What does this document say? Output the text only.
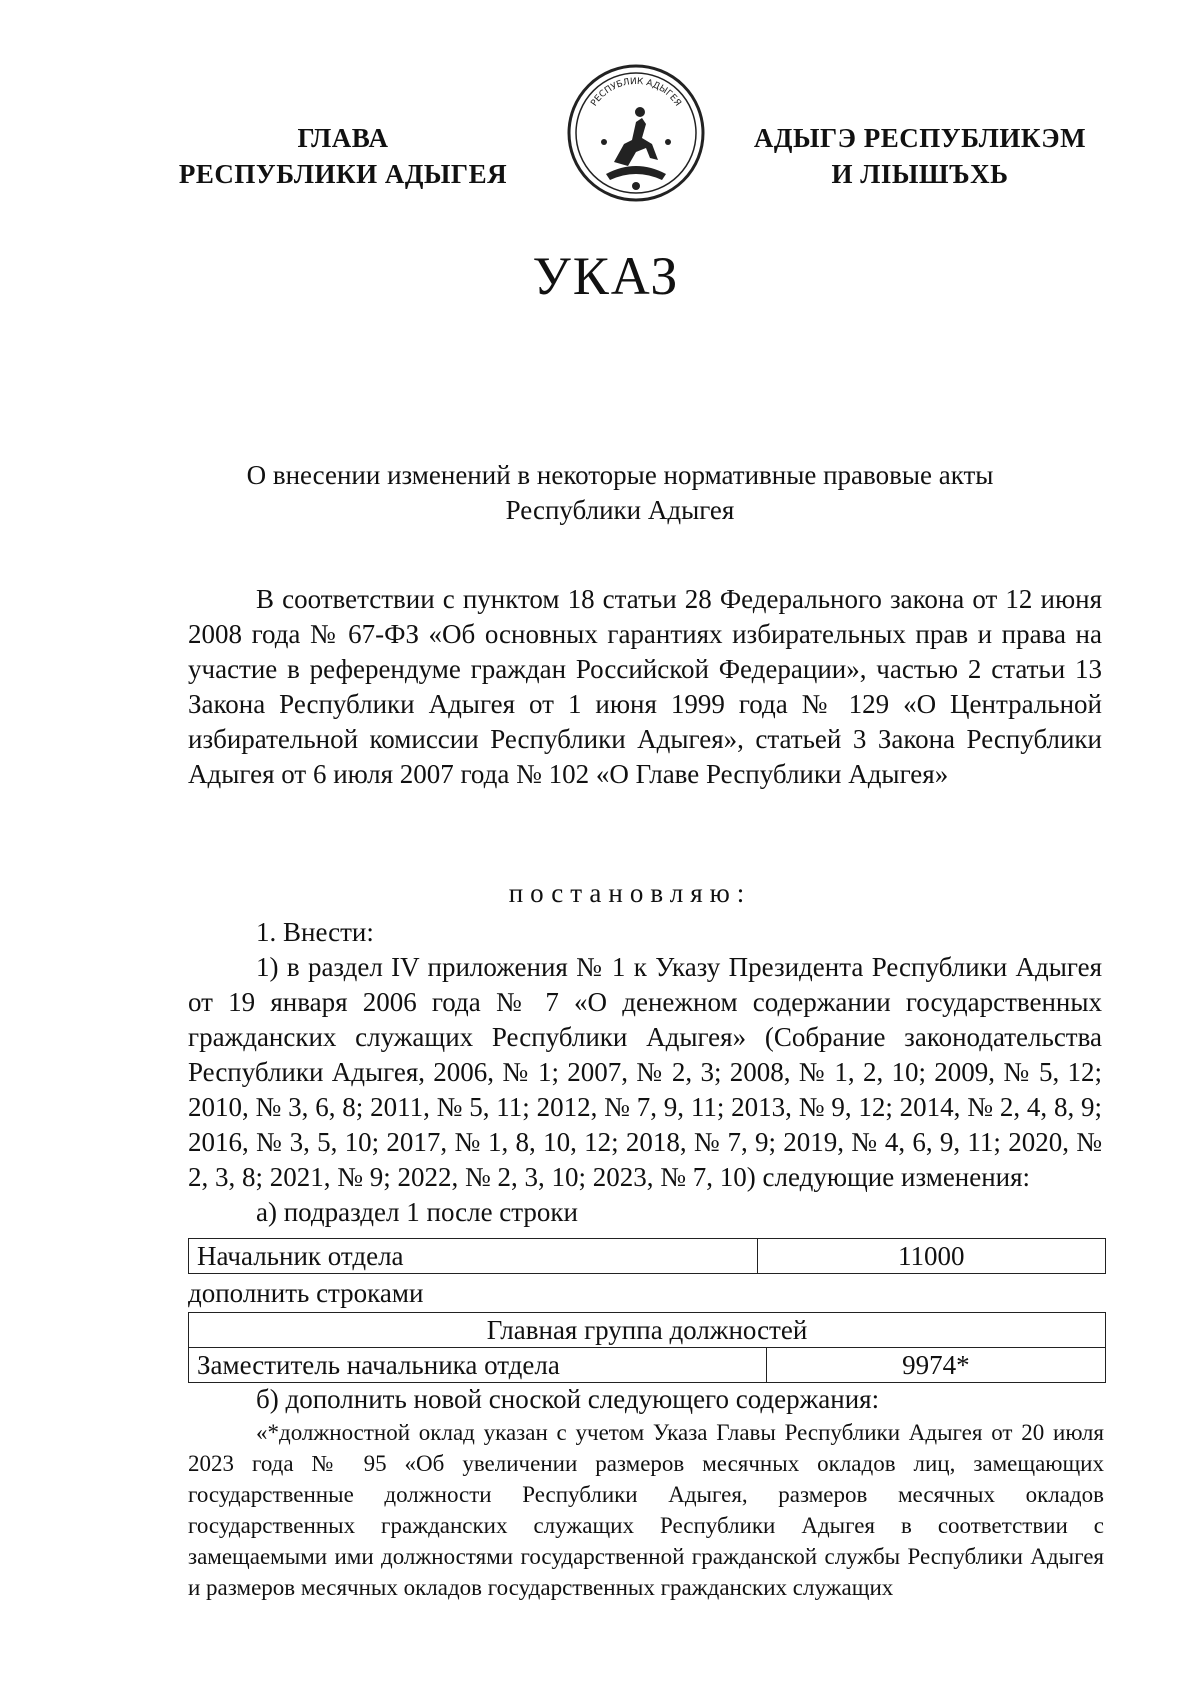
ГЛАВА
РЕСПУБЛИКИ АДЫГЕЯ
РЕСПУБЛИК АДЫГЕЯ
АДЫГЭ РЕСПУБЛИКЭМ
И ЛIЫШЪХЬ
УКАЗ
О внесении изменений в некоторые нормативные правовые акты
Республики Адыгея

В соответствии с пунктом 18 статьи 28 Федерального закона от 12 июня 2008 года № 67-ФЗ «Об основных гарантиях избирательных прав и права на участие в референдуме граждан Российской Федерации», частью 2 статьи 13 Закона Республики Адыгея от 1 июня 1999 года № 129 «О Центральной избирательной комиссии Республики Адыгея», статьей 3 Закона Республики Адыгея от 6 июля 2007 года № 102 «О Главе Республики Адыгея»

постановляю:

1. Внести:

1) в раздел IV приложения № 1 к Указу Президента Республики Адыгея от 19 января 2006 года № 7 «О денежном содержании государственных гражданских служащих Республики Адыгея» (Собрание законодательства Республики Адыгея, 2006, № 1; 2007, № 2, 3; 2008, № 1, 2, 10; 2009, № 5, 12; 2010, № 3, 6, 8; 2011, № 5, 11; 2012, № 7, 9, 11; 2013, № 9, 12; 2014, № 2, 4, 8, 9; 2016, № 3, 5, 10; 2017, № 1, 8, 10, 12; 2018, № 7, 9; 2019, № 4, 6, 9, 11; 2020, № 2, 3, 8; 2021, № 9; 2022, № 2, 3, 10; 2023, № 7, 10) следующие изменения:

а) подраздел 1 после строки

Начальник отдела	11000
дополнить строками
Главная группа должностей
Заместитель начальника отдела	9974*
б) дополнить новой сноской следующего содержания:

«*должностной оклад указан с учетом Указа Главы Республики Адыгея от 20 июля 2023 года № 95 «Об увеличении размеров месячных окладов лиц, замещающих государственные должности Республики Адыгея, размеров месячных окладов государственных гражданских служащих Республики Адыгея в соответствии с замещаемыми ими должностями государственной гражданской службы Республики Адыгея и размеров месячных окладов государственных гражданских служащих
